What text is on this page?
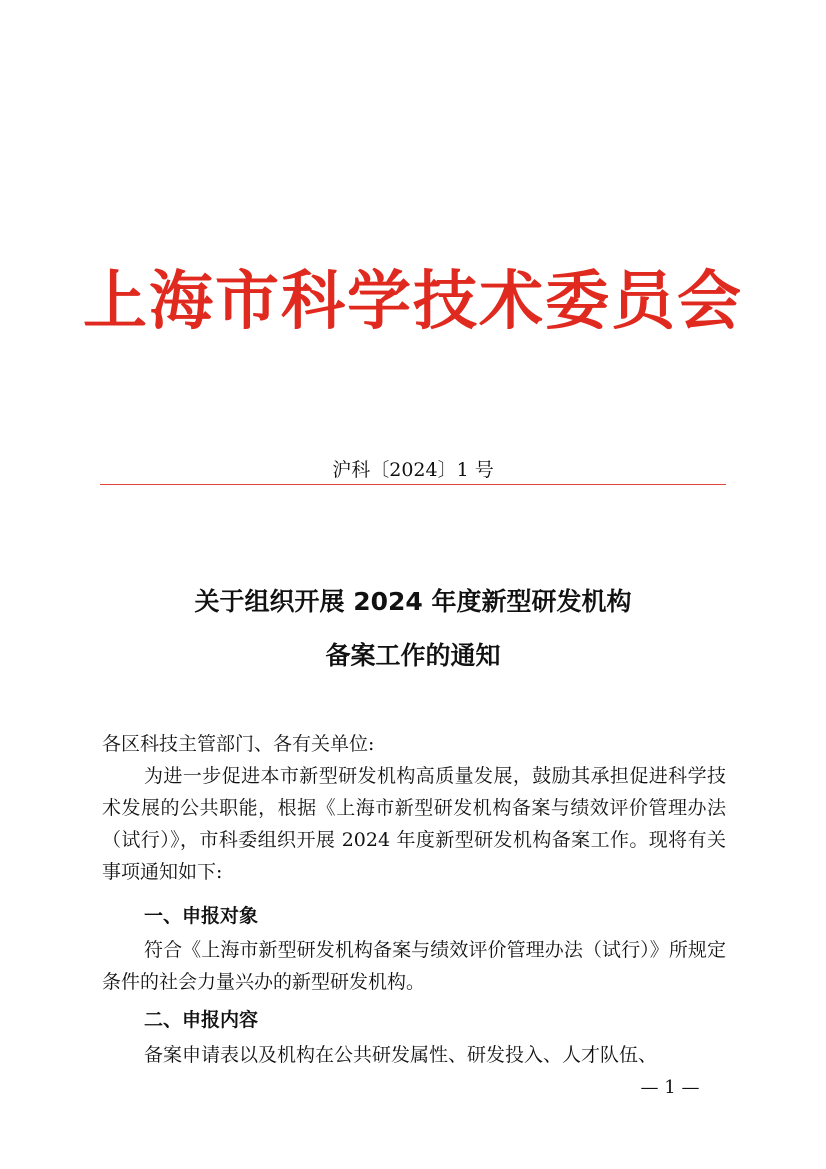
上海市科学技术委员会
沪科〔2024〕1 号
关于组织开展 2024 年度新型研发机构
备案工作的通知
各区科技主管部门、各有关单位:
为进一步促进本市新型研发机构高质量发展，鼓励其承担促进科学技术发展的公共职能，根据《上海市新型研发机构备案与绩效评价管理办法（试行）》，市科委组织开展 2024 年度新型研发机构备案工作。现将有关事项通知如下:
一、申报对象
符合《上海市新型研发机构备案与绩效评价管理办法（试行）》所规定条件的社会力量兴办的新型研发机构。
二、申报内容
备案申请表以及机构在公共研发属性、研发投入、人才队伍、
— 1 —
